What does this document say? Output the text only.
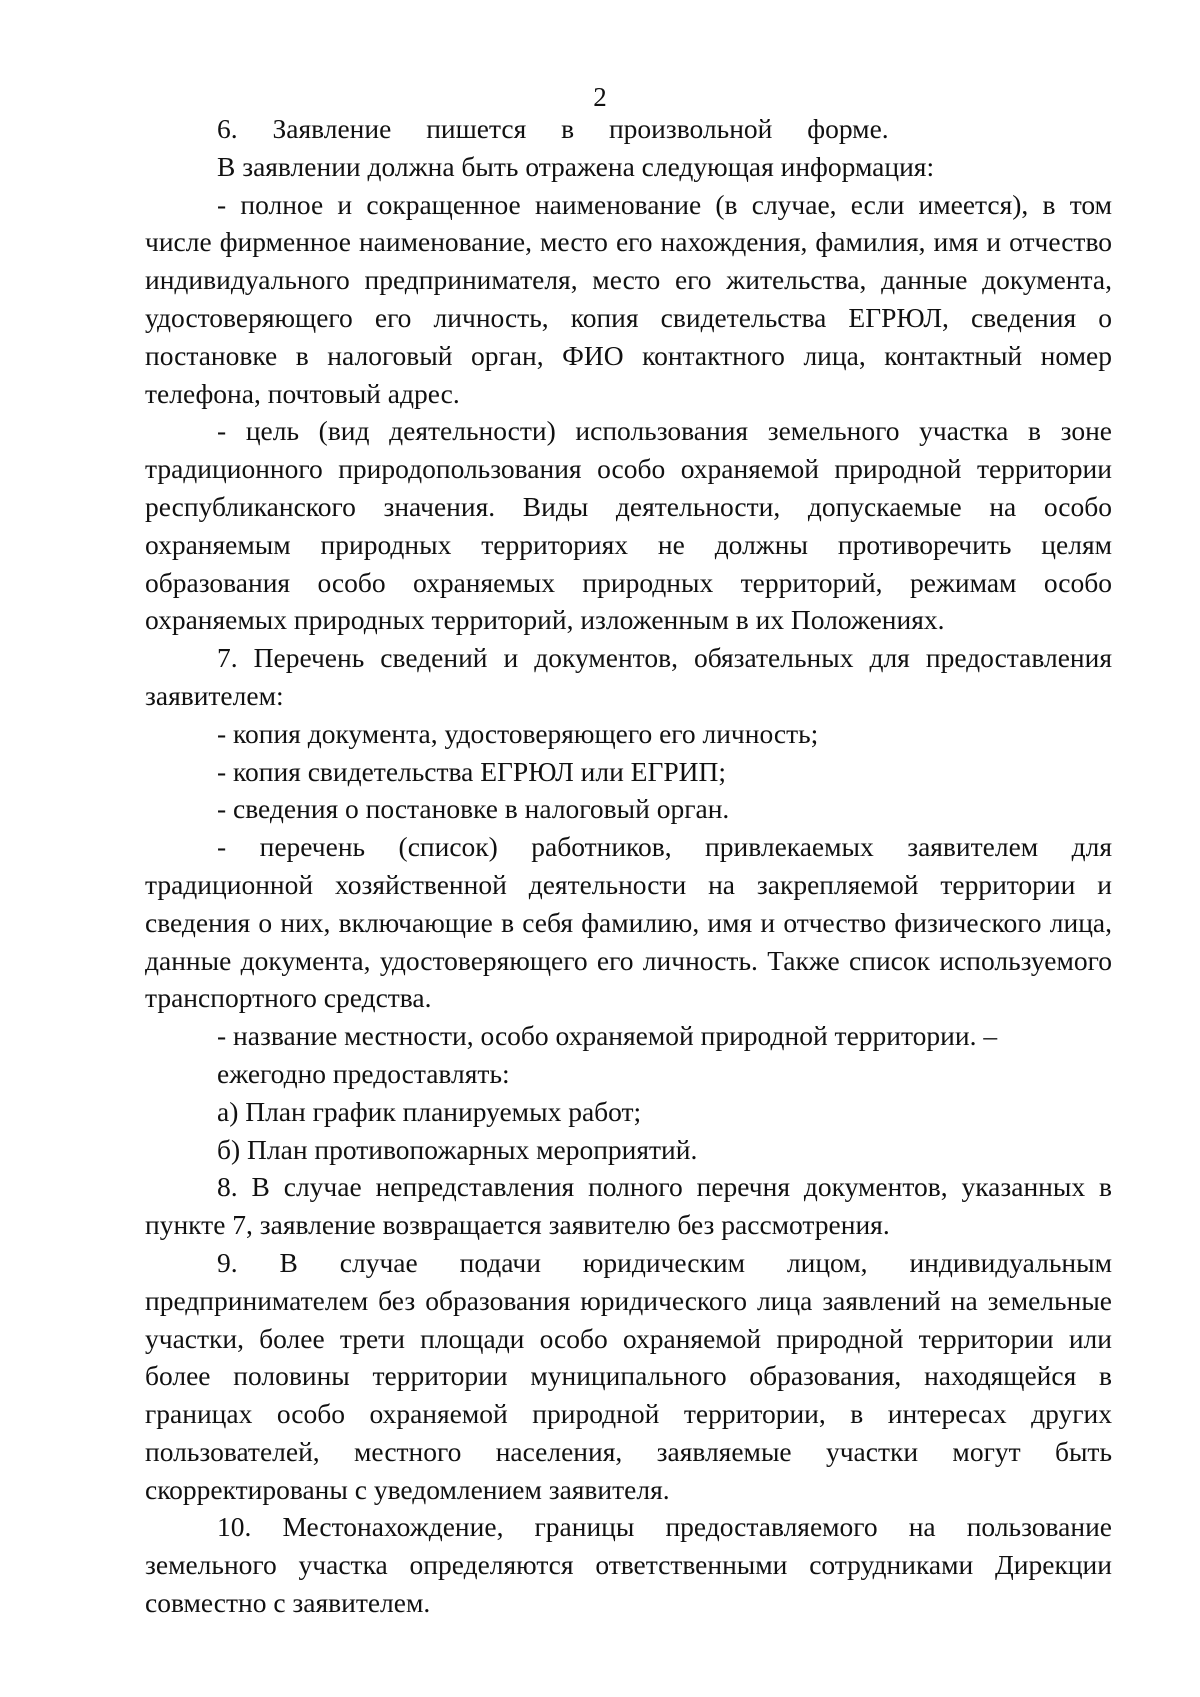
2

6. Заявление пишется в произвольной форме.

В заявлении должна быть отражена следующая информация:

- полное и сокращенное наименование (в случае, если имеется), в том числе фирменное наименование, место его нахождения, фамилия, имя и отчество индивидуального предпринимателя, место его жительства, данные документа, удостоверяющего его личность, копия свидетельства ЕГРЮЛ, сведения о постановке в налоговый орган, ФИО контактного лица, контактный номер телефона, почтовый адрес.

- цель (вид деятельности) использования земельного участка в зоне традиционного природопользования особо охраняемой природной территории республиканского значения. Виды деятельности, допускаемые на особо охраняемым природных территориях не должны противоречить целям образования особо охраняемых природных территорий, режимам особо охраняемых природных территорий, изложенным в их Положениях.

7. Перечень сведений и документов, обязательных для предоставления заявителем:

- копия документа, удостоверяющего его личность;

- копия свидетельства ЕГРЮЛ или ЕГРИП;

- сведения о постановке в налоговый орган.

- перечень (список) работников, привлекаемых заявителем для традиционной хозяйственной деятельности на закрепляемой территории и сведения о них, включающие в себя фамилию, имя и отчество физического лица, данные документа, удостоверяющего его личность. Также список используемого транспортного средства.

- название местности, особо охраняемой природной территории. –

ежегодно предоставлять:

а) План график планируемых работ;

б) План противопожарных мероприятий.

8. В случае непредставления полного перечня документов, указанных в пункте 7, заявление возвращается заявителю без рассмотрения.

9. В случае подачи юридическим лицом, индивидуальным предпринимателем без образования юридического лица заявлений на земельные участки, более трети площади особо охраняемой природной территории или более половины территории муниципального образования, находящейся в границах особо охраняемой природной территории, в интересах других пользователей, местного населения, заявляемые участки могут быть скорректированы с уведомлением заявителя.

10. Местонахождение, границы предоставляемого на пользование земельного участка определяются ответственными сотрудниками Дирекции совместно с заявителем.
